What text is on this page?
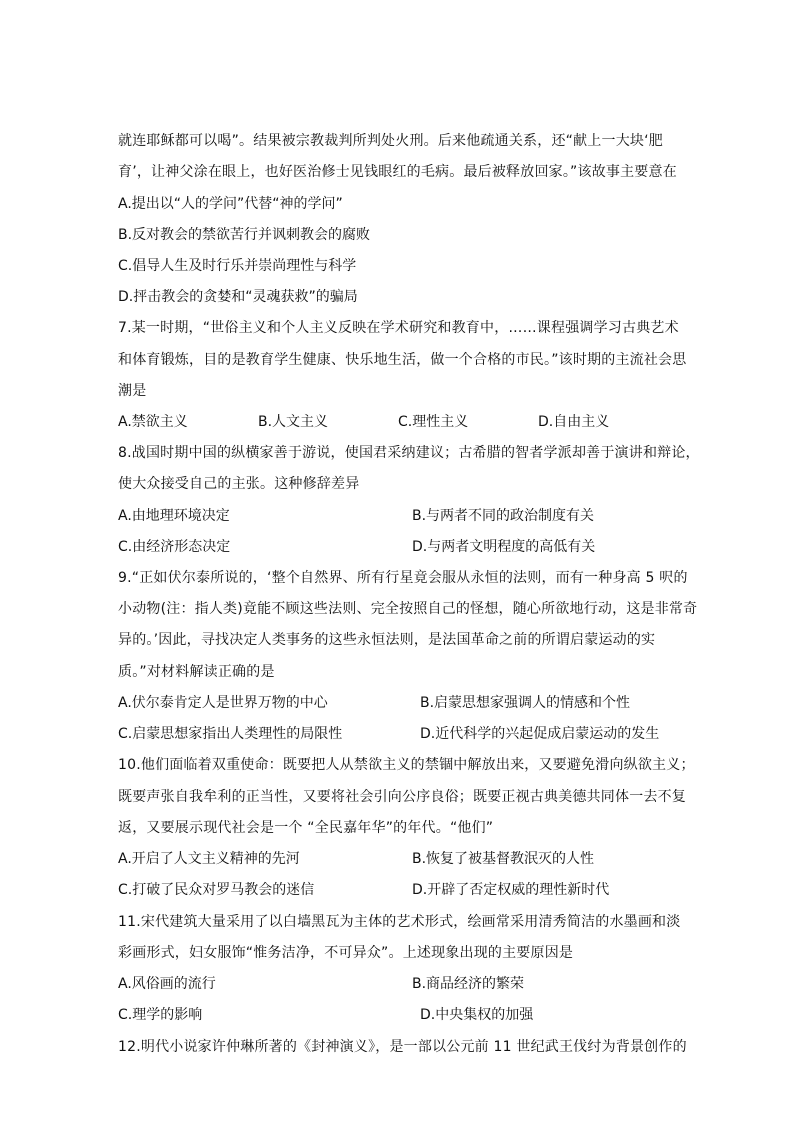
就连耶稣都可以喝”。结果被宗教裁判所判处火刑。后来他疏通关系，还“献上一大块‘肥
育’，让神父涂在眼上，也好医治修士见钱眼红的毛病。最后被释放回家。”该故事主要意在
A.提出以“人的学问”代替“神的学问”
B.反对教会的禁欲苦行并讽刺教会的腐败
C.倡导人生及时行乐并崇尚理性与科学
D.抨击教会的贪婪和“灵魂获救”的骗局
7.某一时期，“世俗主义和个人主义反映在学术研究和教育中，……课程强调学习古典艺术
和体育锻炼，目的是教育学生健康、快乐地生活，做一个合格的市民。”该时期的主流社会思
潮是
A.禁欲主义	B.人文主义	C.理性主义	D.自由主义
8.战国时期中国的纵横家善于游说，使国君采纳建议；古希腊的智者学派却善于演讲和辩论，
使大众接受自己的主张。这种修辞差异
A.由地理环境决定	B.与两者不同的政治制度有关
C.由经济形态决定	D.与两者文明程度的高低有关
9.“正如伏尔泰所说的，‘整个自然界、所有行星竟会服从永恒的法则，而有一种身高 5 呎的
小动物(注：指人类)竟能不顾这些法则、完全按照自己的怪想，随心所欲地行动，这是非常奇
异的。’因此，寻找决定人类事务的这些永恒法则，是法国革命之前的所谓启蒙运动的实
质。”对材料解读正确的是
A.伏尔泰肯定人是世界万物的中心	B.启蒙思想家强调人的情感和个性
C.启蒙思想家指出人类理性的局限性	D.近代科学的兴起促成启蒙运动的发生
10.他们面临着双重使命：既要把人从禁欲主义的禁锢中解放出来，又要避免滑向纵欲主义；
既要声张自我牟利的正当性，又要将社会引向公序良俗；既要正视古典美德共同体一去不复
返，又要展示现代社会是一个 “全民嘉年华”的年代。“他们”
A.开启了人文主义精神的先河	B.恢复了被基督教泯灭的人性
C.打破了民众对罗马教会的迷信	D.开辟了否定权威的理性新时代
11.宋代建筑大量采用了以白墙黑瓦为主体的艺术形式，绘画常采用清秀简洁的水墨画和淡
彩画形式，妇女服饰“惟务洁净，不可异众”。上述现象出现的主要原因是
A.风俗画的流行	B.商品经济的繁荣
C.理学的影响	D.中央集权的加强
12.明代小说家许仲琳所著的《封神演义》，是一部以公元前 11 世纪武王伐纣为背景创作的
